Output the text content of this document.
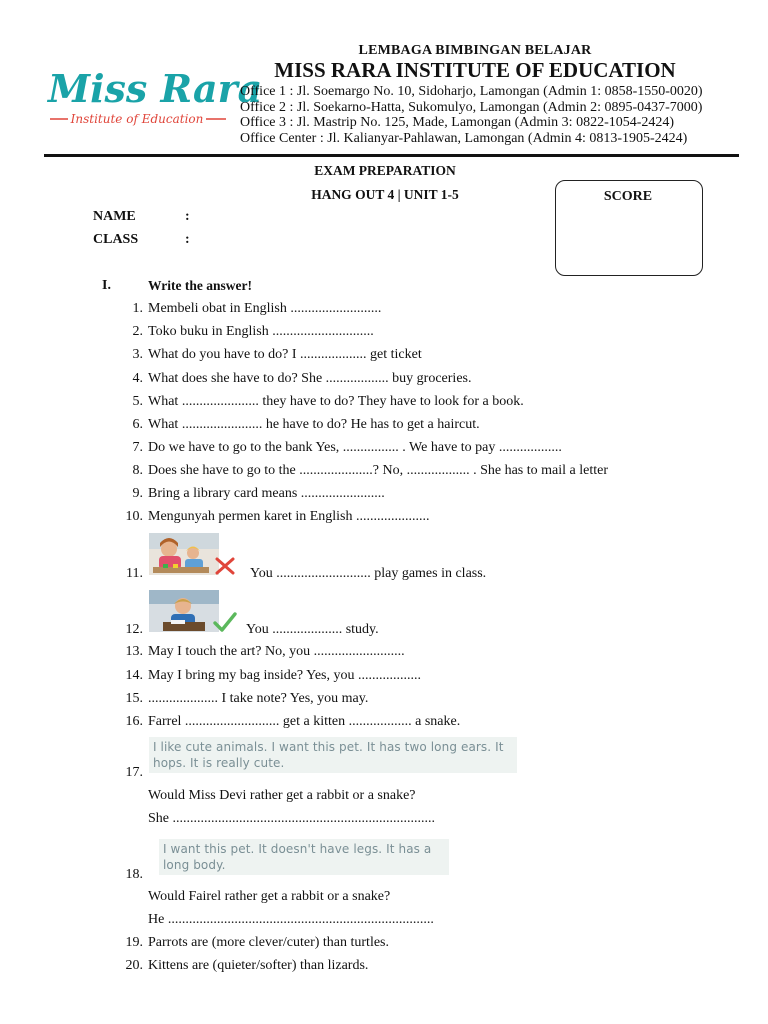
Miss Rara
Institute of Education
LEMBAGA BIMBINGAN BELAJAR
MISS RARA INSTITUTE OF EDUCATION
Office 1 : Jl. Soemargo No. 10, Sidoharjo, Lamongan (Admin 1: 0858-1550-0020)
Office 2 : Jl. Soekarno-Hatta, Sukomulyo, Lamongan (Admin 2: 0895-0437-7000)
Office 3 : Jl. Mastrip No. 125, Made, Lamongan (Admin 3: 0822-1054-2424)
Office Center : Jl. Kalianyar-Pahlawan, Lamongan (Admin 4: 0813-1905-2424)
EXAM PREPARATION
HANG OUT 4 | UNIT 1-5	SCORE
NAME	:
CLASS	:
I.	Write the answer!
1. Membeli obat in English ..........................
2. Toko buku in English .............................
3. What do you have to do? I ................... get ticket
4. What does she have to do? She .................. buy groceries.
5. What ...................... they have to do? They have to look for a book.
6. What ....................... he have to do? He has to get a haircut.
7. Do we have to go to the bank Yes, ................ . We have to pay ..................
8. Does she have to go to the .....................? No, .................. . She has to mail a letter
9. Bring a library card means ........................
10. Mengunyah permen karet in English .....................
11.	You ........................... play games in class.
12.	You .................... study.
13. May I touch the art? No, you ..........................
14. May I bring my bag inside? Yes, you ..................
15. .................... I take note? Yes, you may.
16. Farrel ........................... get a kitten .................. a snake.
I like cute animals. I want this pet. It has two long ears. It hops. It is really cute.
17.
Would Miss Devi rather get a rabbit or a snake?
She ...........................................................................
I want this pet. It doesn't have legs. It has a long body.
18.
Would Fairel rather get a rabbit or a snake?
He ............................................................................
19. Parrots are (more clever/cuter) than turtles.
20. Kittens are (quieter/softer) than lizards.
